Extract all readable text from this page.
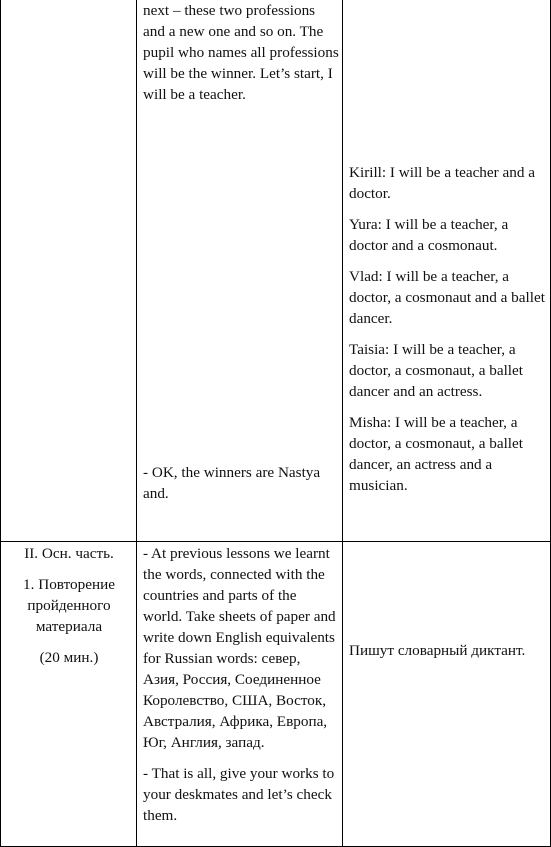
next – these two professions and a new one and so on. The pupil who names all professions will be the winner. Let’s start, I will be a teacher.

- OK, the winners are Nastya and.

Kirill: I will be a teacher and a doctor.

Yura: I will be a teacher, a doctor and a cosmonaut.

Vlad: I will be a teacher, a doctor, a cosmonaut and a ballet dancer.

Taisia: I will be a teacher, a doctor, a cosmonaut, a ballet dancer and an actress.

Misha: I will be a teacher, a doctor, a cosmonaut, a ballet dancer, an actress and a musician.

II. Осн. часть.

1. Повторение пройденного материала

(20 мин.)

- At previous lessons we learnt the words, connected with the countries and parts of the world. Take sheets of paper and write down English equivalents for Russian words: север, Азия, Россия, Соединенное Королевство, США, Восток, Австралия, Африка, Европа, Юг, Англия, запад.

- That is all, give your works to your deskmates and let’s check them.

Пишут словарный диктант.
